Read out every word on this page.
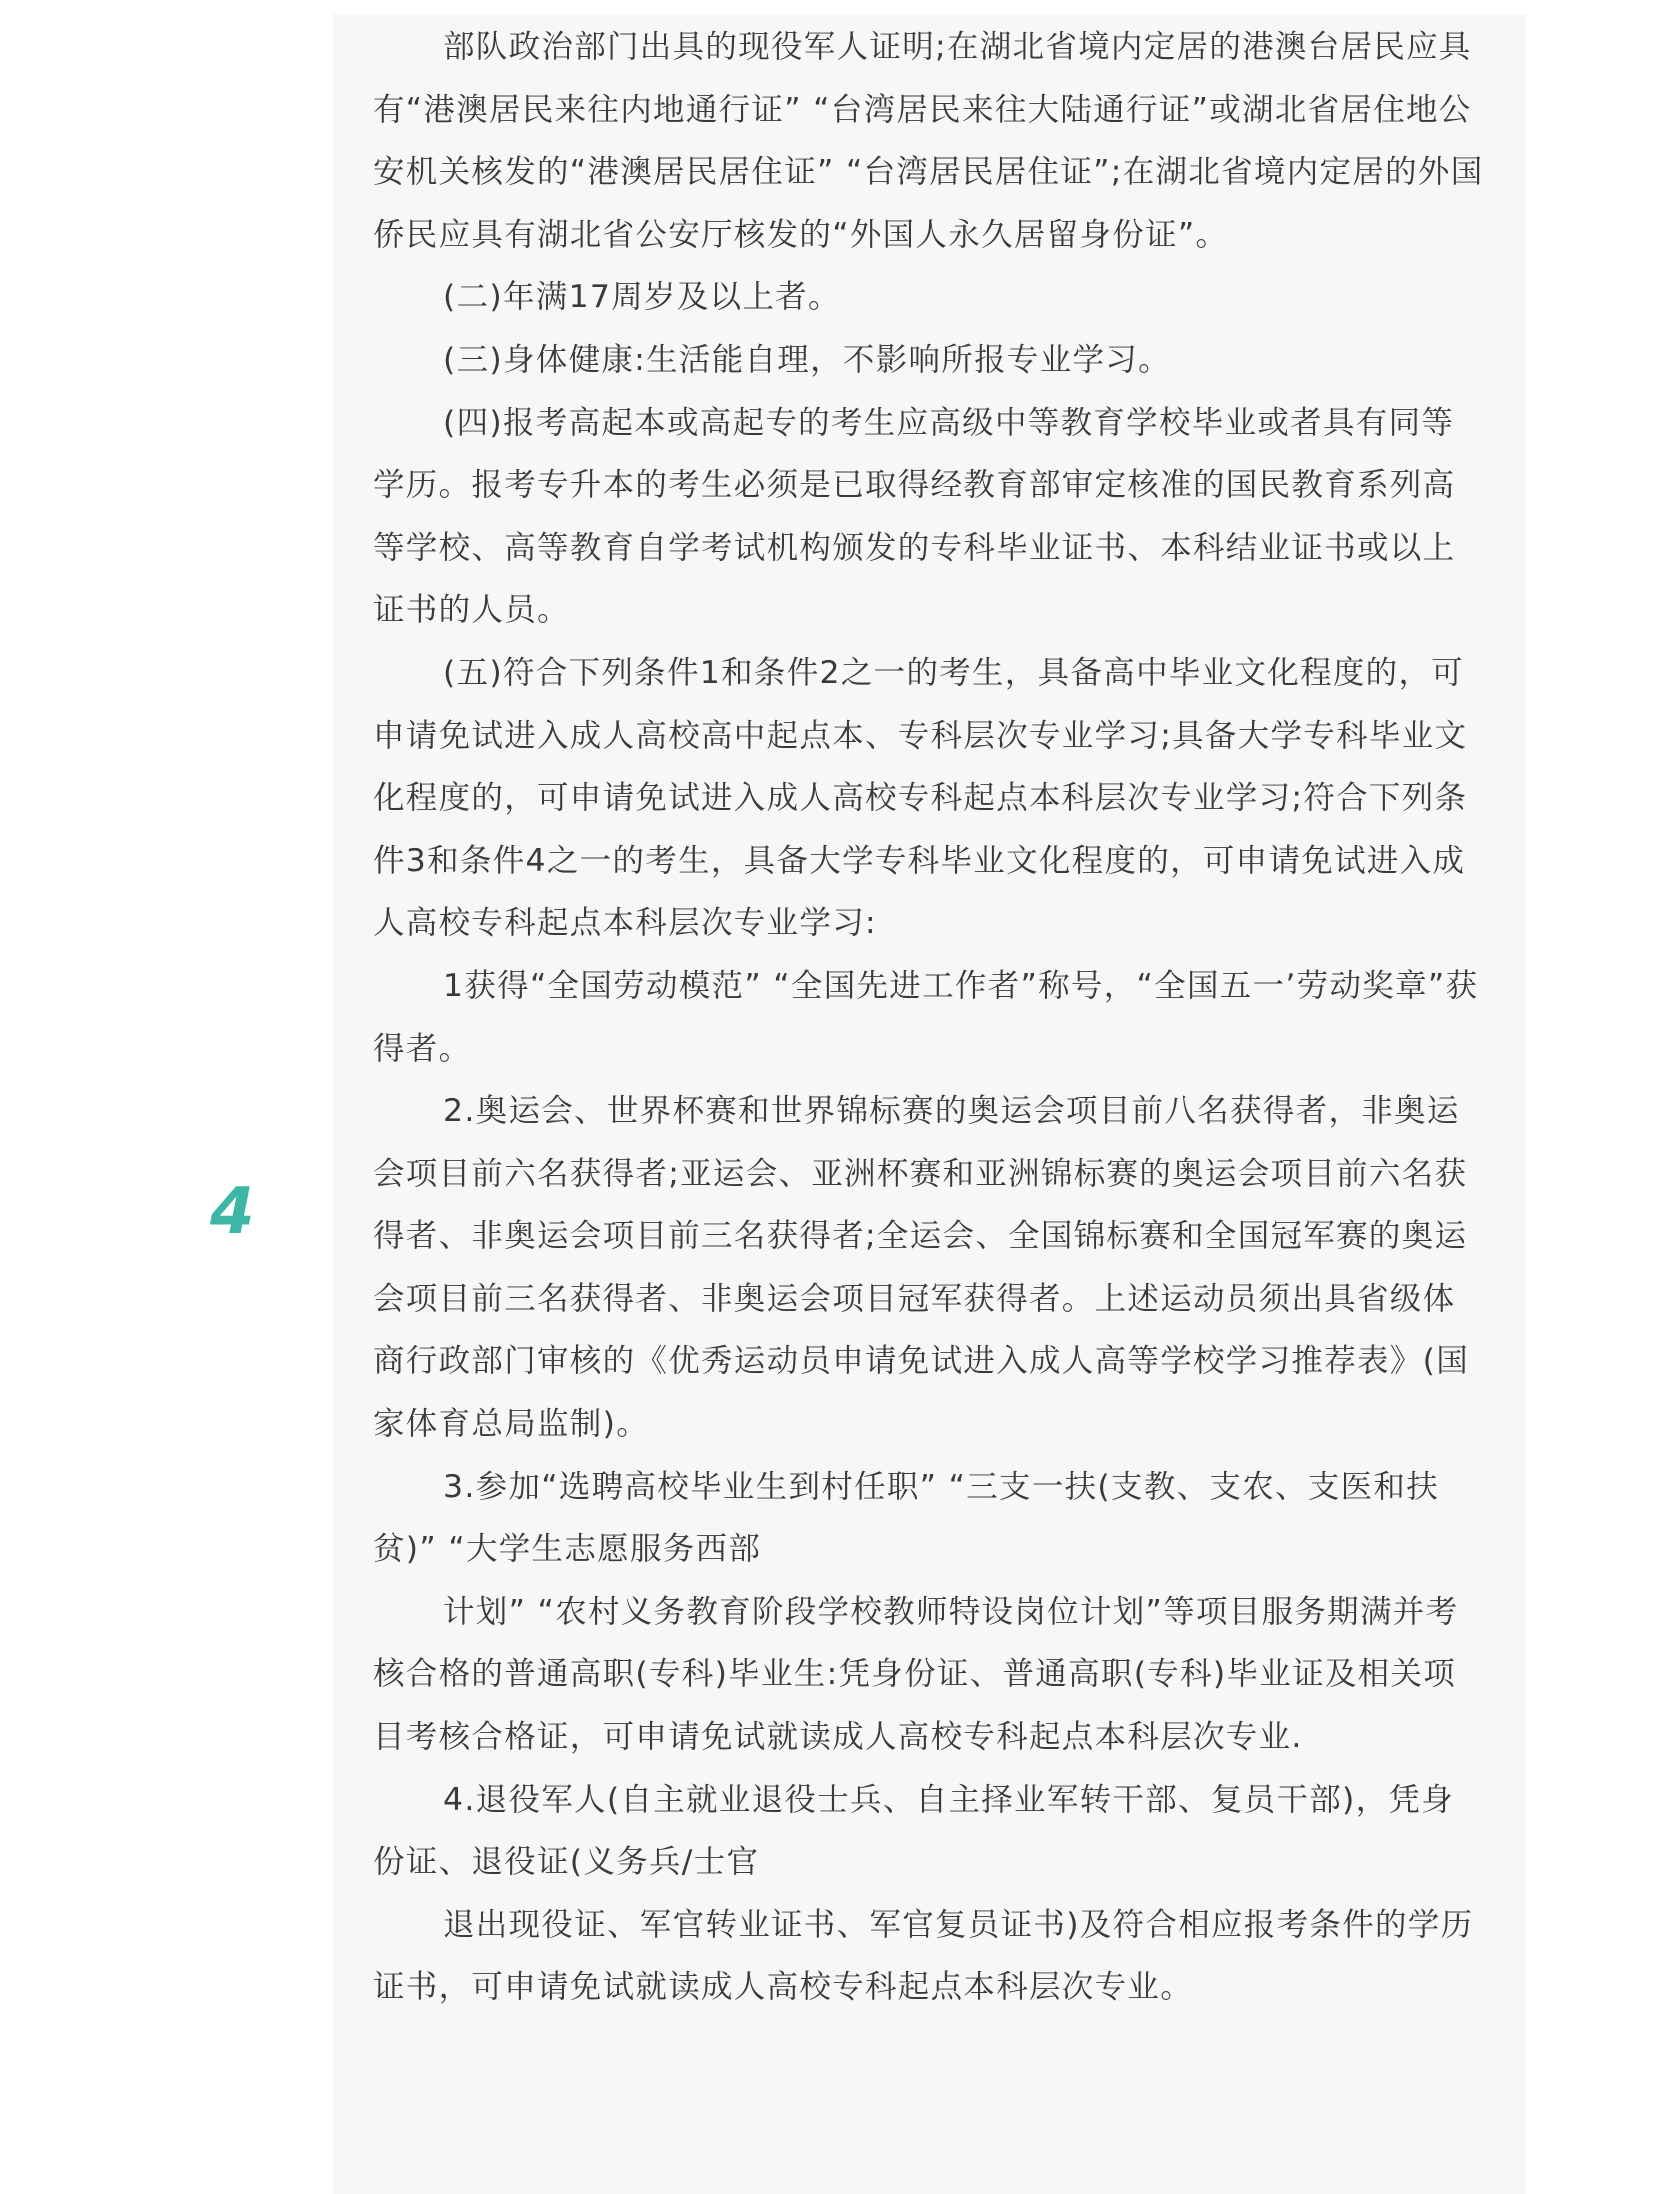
4

部队政治部门出具的现役军人证明;在湖北省境内定居的港澳台居民应具有“港澳居民来往内地通行证” “台湾居民来往大陆通行证”或湖北省居住地公安机关核发的“港澳居民居住证” “台湾居民居住证”;在湖北省境内定居的外国侨民应具有湖北省公安厅核发的“外国人永久居留身份证”。

(二)年满17周岁及以上者。

(三)身体健康:生活能自理，不影响所报专业学习。

(四)报考高起本或高起专的考生应高级中等教育学校毕业或者具有同等学历。报考专升本的考生必须是已取得经教育部审定核准的国民教育系列高等学校、高等教育自学考试机构颁发的专科毕业证书、本科结业证书或以上证书的人员。

(五)符合下列条件1和条件2之一的考生，具备高中毕业文化程度的，可申请免试进入成人高校高中起点本、专科层次专业学习;具备大学专科毕业文化程度的，可申请免试进入成人高校专科起点本科层次专业学习;符合下列条件3和条件4之一的考生，具备大学专科毕业文化程度的，可申请免试进入成人高校专科起点本科层次专业学习:

1获得“全国劳动模范” “全国先进工作者”称号，“全国五一’劳动奖章”获得者。

2.奥运会、世界杯赛和世界锦标赛的奥运会项目前八名获得者，非奥运会项目前六名获得者;亚运会、亚洲杯赛和亚洲锦标赛的奥运会项目前六名获得者、非奥运会项目前三名获得者;全运会、全国锦标赛和全国冠军赛的奥运会项目前三名获得者、非奥运会项目冠军获得者。上述运动员须出具省级体商行政部门审核的《优秀运动员申请免试进入成人高等学校学习推荐表》(国家体育总局监制)。

3.参加“选聘高校毕业生到村任职” “三支一扶(支教、支农、支医和扶贫)” “大学生志愿服务西部

计划” “农村义务教育阶段学校教师特设岗位计划”等项目服务期满并考核合格的普通高职(专科)毕业生:凭身份证、普通高职(专科)毕业证及相关项目考核合格证，可申请免试就读成人高校专科起点本科层次专业.

4.退役军人(自主就业退役士兵、自主择业军转干部、复员干部)，凭身份证、退役证(义务兵/士官

退出现役证、军官转业证书、军官复员证书)及符合相应报考条件的学历证书，可申请免试就读成人高校专科起点本科层次专业。
